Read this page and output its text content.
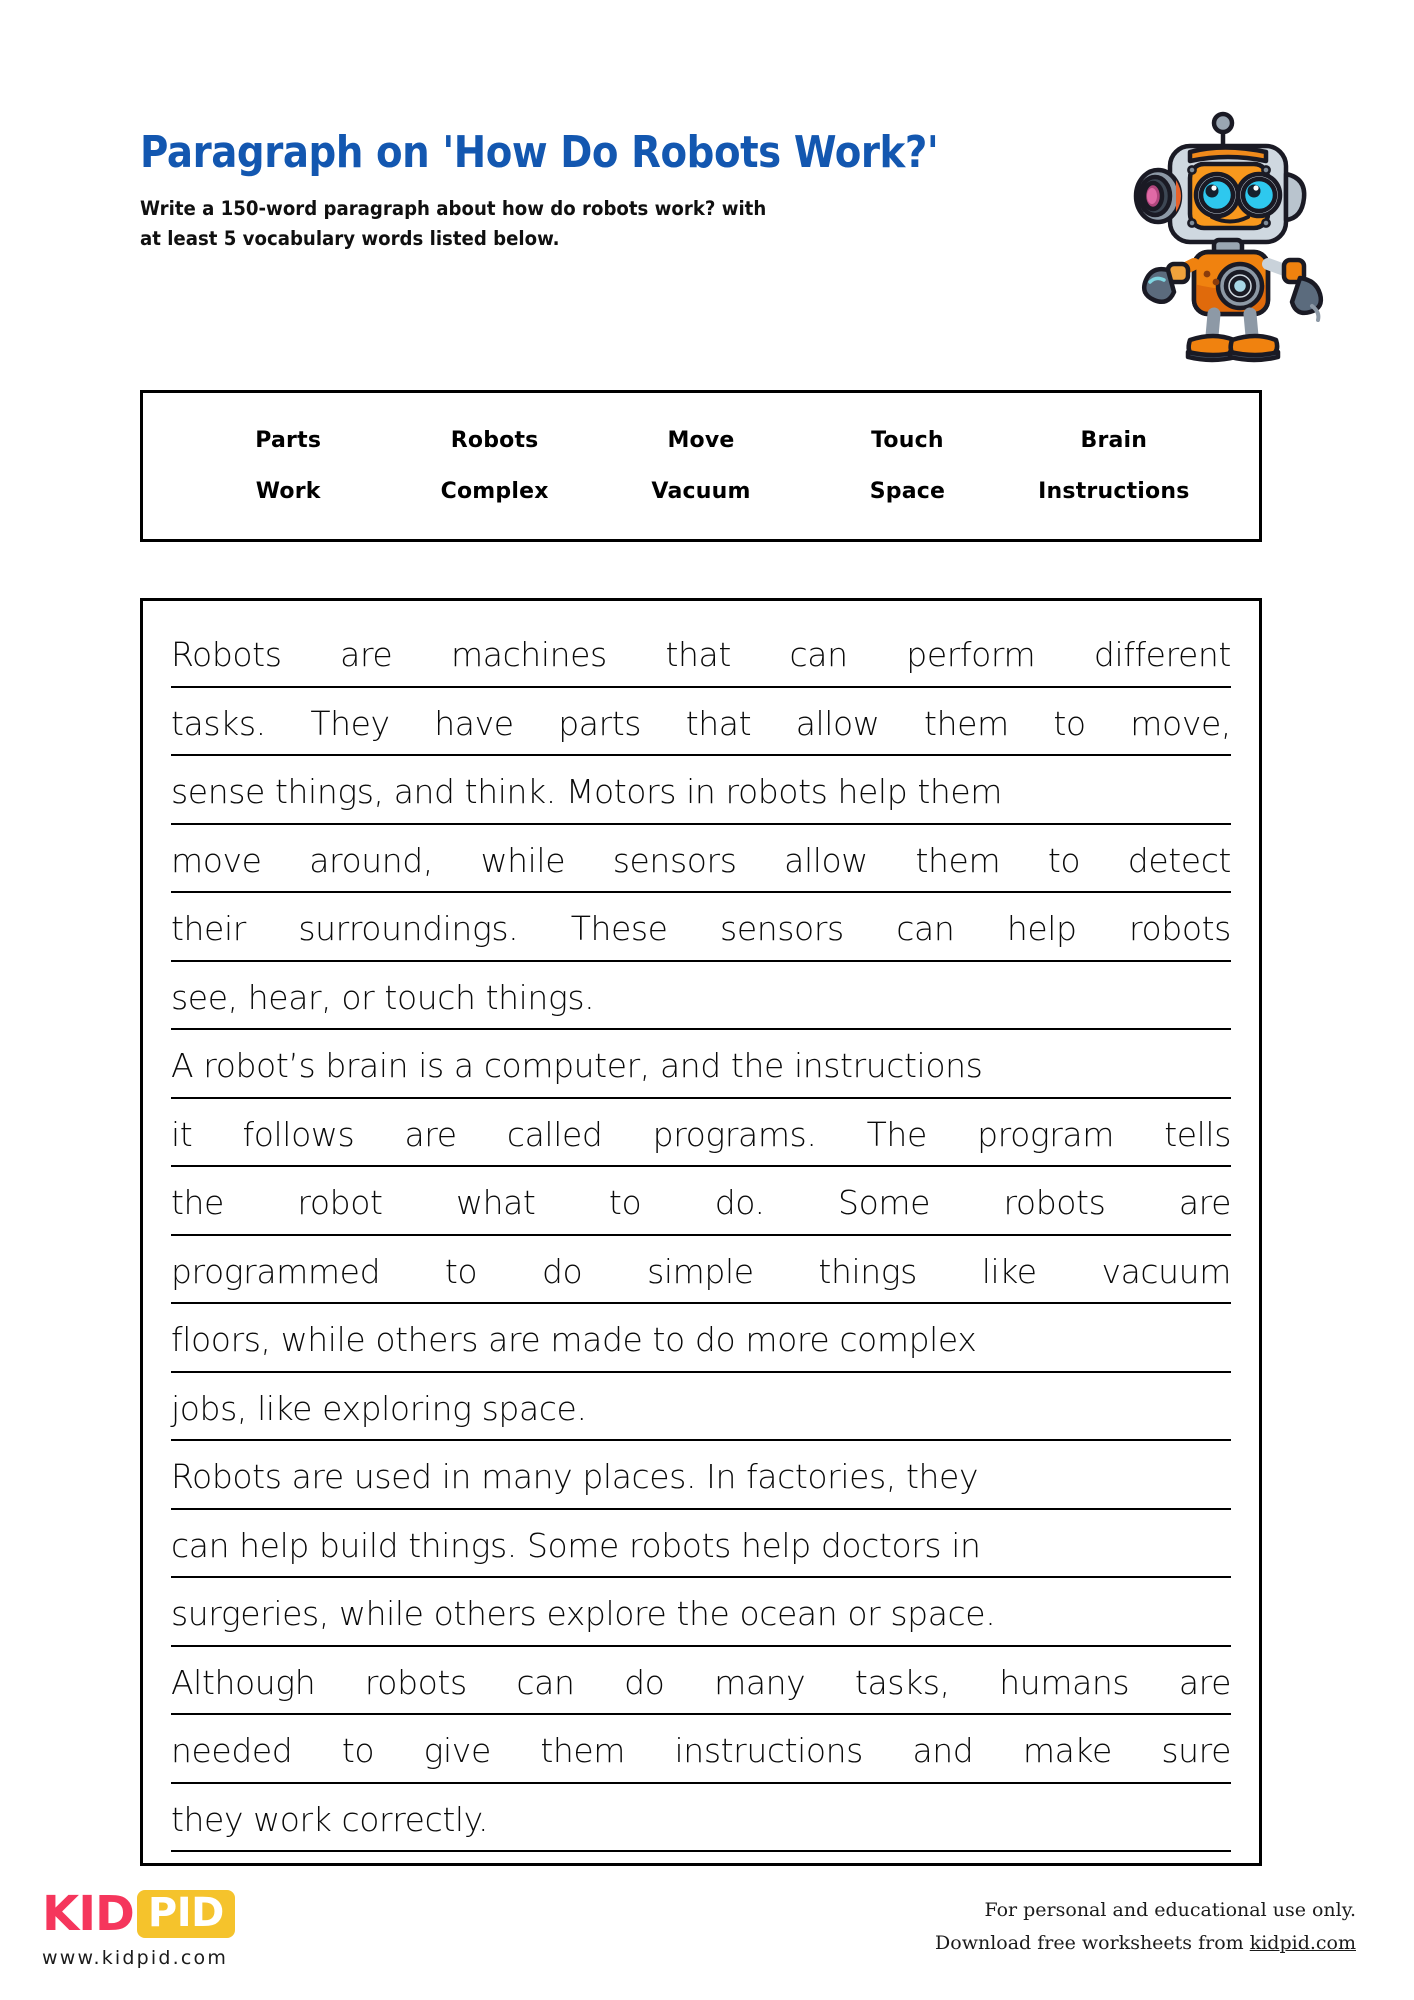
Paragraph on 'How Do Robots Work?'
Write a 150-word paragraph about how do robots work? with
at least 5 vocabulary words listed below.
Parts	Robots	Move	Touch	Brain
Work	Complex	Vacuum	Space	Instructions
Robots are machines that can perform different
tasks. They have parts that allow them to move,
sense things, and think. Motors in robots help them
move around, while sensors allow them to detect
their surroundings. These sensors can help robots
see, hear, or touch things.
A robot’s brain is a computer, and the instructions
it follows are called programs. The program tells
the robot what to do. Some robots are
programmed to do simple things like vacuum
floors, while others are made to do more complex
jobs, like exploring space.
Robots are used in many places. In factories, they
can help build things. Some robots help doctors in
surgeries, while others explore the ocean or space.
Although robots can do many tasks, humans are
needed to give them instructions and make sure
they work correctly.
KID PID
www.kidpid.com
For personal and educational use only.
Download free worksheets from kidpid.com
